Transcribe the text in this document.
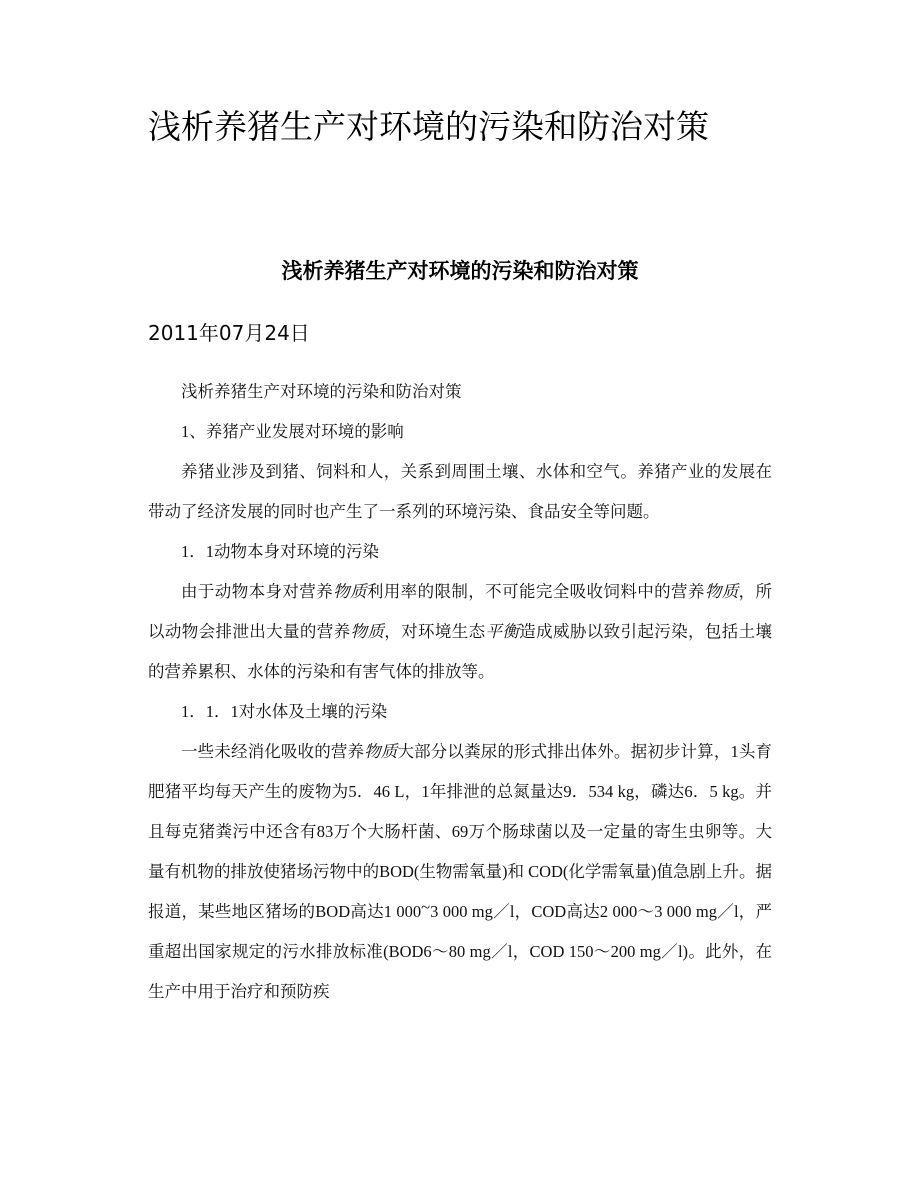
浅析养猪生产对环境的污染和防治对策
浅析养猪生产对环境的污染和防治对策
2011年07月24日

浅析养猪生产对环境的污染和防治对策

1、养猪产业发展对环境的影响

养猪业涉及到猪、饲料和人，关系到周围土壤、水体和空气。养猪产业的发展在带动了经济发展的同时也产生了一系列的环境污染、食品安全等问题。

1．1动物本身对环境的污染

由于动物本身对营养物质利用率的限制，不可能完全吸收饲料中的营养物质，所以动物会排泄出大量的营养物质，对环境生态平衡造成威胁以致引起污染，包括土壤的营养累积、水体的污染和有害气体的排放等。

1．1．1对水体及土壤的污染

一些未经消化吸收的营养物质大部分以粪尿的形式排出体外。据初步计算，1头育肥猪平均每天产生的废物为5．46 L，1年排泄的总氮量达9．534 kg，磷达6．5 kg。并且每克猪粪污中还含有83万个大肠杆菌、69万个肠球菌以及一定量的寄生虫卵等。大量有机物的排放使猪场污物中的BOD(生物需氧量)和 COD(化学需氧量)值急剧上升。据报道，某些地区猪场的BOD高达1 000~3 000 mg／l，COD高达2 000～3 000 mg／l，严重超出国家规定的污水排放标准(BOD6～80 mg／l，COD 150～200 mg／l)。此外，在生产中用于治疗和预防疾
